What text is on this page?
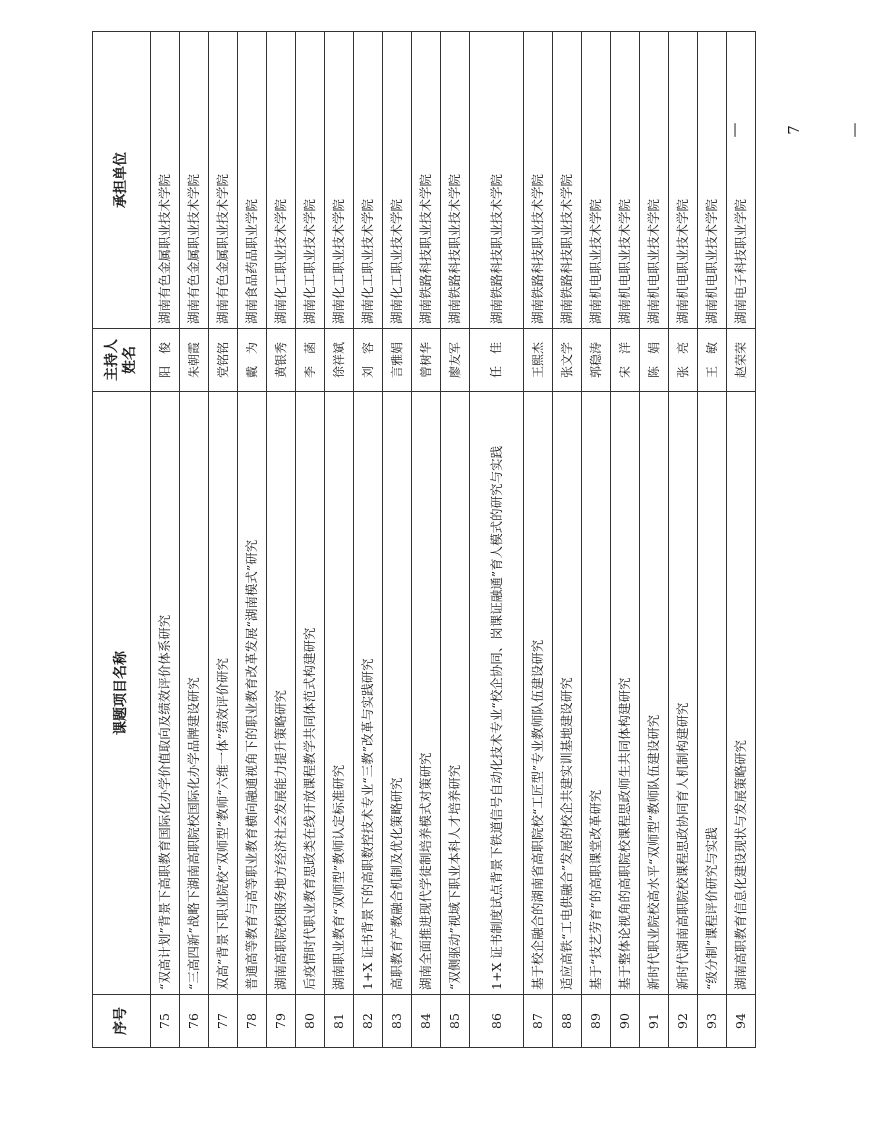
序号	课题项目名称	主持人姓名	承担单位
75	“双高计划”背景下高职教育国际化办学价值取向及绩效评价体系研究	阳　俊	湖南有色金属职业技术学院
76	“三高四新”战略下湖南高职院校国际化办学品牌建设研究	朱朝霞	湖南有色金属职业技术学院
77	双高”背景下职业院校“双师型”教师“六维一体”绩效评价研究	党铭铭	湖南有色金属职业技术学院
78	普通高等教育与高等职业教育横向融通视角下的职业教育改革发展“湖南模式”研究	戴　为	湖南食品药品职业学院
79	湖南高职院校服务地方经济社会发展能力提升策略研究	黄银秀	湖南化工职业技术学院
80	后疫情时代职业教育思政类在线开放课程教学共同体范式构建研究	李　菡	湖南化工职业技术学院
81	湖南职业教育“双师型”教师认定标准研究	徐祥斌	湖南化工职业技术学院
82	1+X 证书背景下的高职数控技术专业“三教”改革与实践研究	刘　容	湖南化工职业技术学院
83	高职教育产教融合机制及优化策略研究	言雅娟	湖南化工职业技术学院
84	湖南全面推进现代学徒制培养模式对策研究	曾树华	湖南铁路科技职业技术学院
85	“双侧驱动”视域下职业本科人才培养研究	廖友军	湖南铁路科技职业技术学院
86	1+X 证书制度试点背景下铁道信号自动化技术专业“校企协同、岗课证融通”育人模式的研究与实践	任　佳	湖南铁路科技职业技术学院
87	基于校企融合的湖南省高职院校“工匠型”专业教师队伍建设研究	王熙杰	湖南铁路科技职业技术学院
88	适应高铁“工电供融合”发展的校企共建实训基地建设研究	张文学	湖南铁路科技职业技术学院
89	基于“技艺劳育”的高职课堂改革研究	郭稳涛	湖南机电职业技术学院
90	基于整体论视角的高职院校课程思政师生共同体构建研究	宋　洋	湖南机电职业技术学院
91	新时代职业院校高水平“双师型”教师队伍建设研究	陈　娟	湖南机电职业技术学院
92	新时代湖南高职院校课程思政协同育人机制构建研究	张　亮	湖南机电职业技术学院
93	“级分制”课程评价研究与实践	王　敏	湖南机电职业技术学院
94	湖南高职教育信息化建设现状与发展策略研究	赵荣荣	湖南电子科技职业学院
— 7 —
